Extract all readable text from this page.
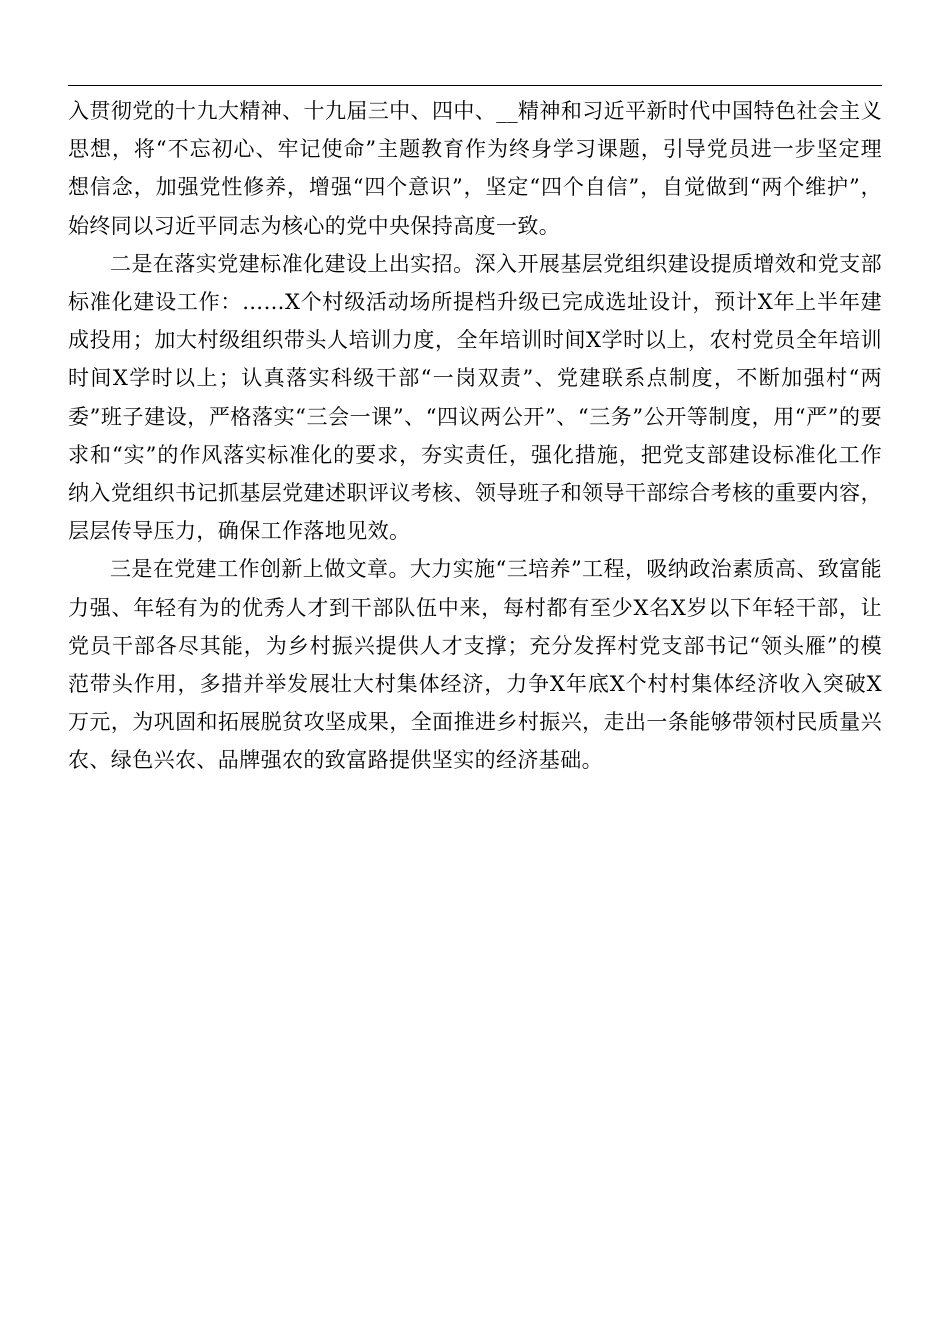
入贯彻党的十九大精神、十九届三中、四中、__精神和习近平新时代中国特色社会主义思想，将“不忘初心、牢记使命”主题教育作为终身学习课题，引导党员进一步坚定理想信念，加强党性修养，增强“四个意识”，坚定“四个自信”，自觉做到“两个维护”，始终同以习近平同志为核心的党中央保持高度一致。

二是在落实党建标准化建设上出实招。深入开展基层党组织建设提质增效和党支部标准化建设工作：……X个村级活动场所提档升级已完成选址设计，预计X年上半年建成投用；加大村级组织带头人培训力度，全年培训时间X学时以上，农村党员全年培训时间X学时以上；认真落实科级干部“一岗双责”、党建联系点制度，不断加强村“两委”班子建设，严格落实“三会一课”、“四议两公开”、“三务”公开等制度，用“严”的要求和“实”的作风落实标准化的要求，夯实责任，强化措施，把党支部建设标准化工作纳入党组织书记抓基层党建述职评议考核、领导班子和领导干部综合考核的重要内容，层层传导压力，确保工作落地见效。

三是在党建工作创新上做文章。大力实施“三培养”工程，吸纳政治素质高、致富能力强、年轻有为的优秀人才到干部队伍中来，每村都有至少X名X岁以下年轻干部，让党员干部各尽其能，为乡村振兴提供人才支撑；充分发挥村党支部书记“领头雁”的模范带头作用，多措并举发展壮大村集体经济，力争X年底X个村村集体经济收入突破X万元，为巩固和拓展脱贫攻坚成果，全面推进乡村振兴，走出一条能够带领村民质量兴农、绿色兴农、品牌强农的致富路提供坚实的经济基础。
